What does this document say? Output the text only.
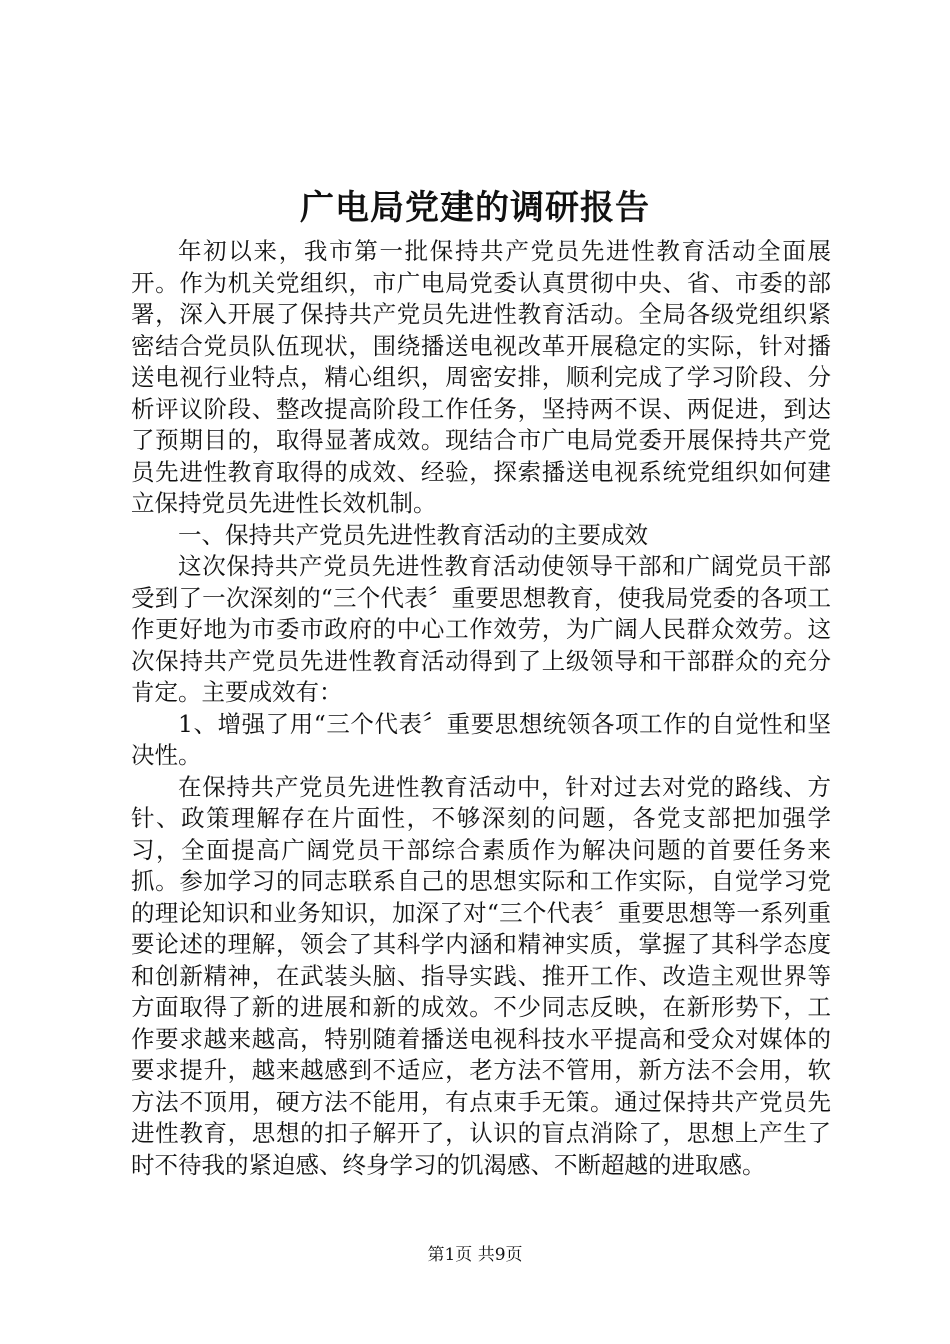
广电局党建的调研报告

年初以来，我市第一批保持共产党员先进性教育活动全面展开。作为机关党组织，市广电局党委认真贯彻中央、省、市委的部署，深入开展了保持共产党员先进性教育活动。全局各级党组织紧密结合党员队伍现状，围绕播送电视改革开展稳定的实际，针对播送电视行业特点，精心组织，周密安排，顺利完成了学习阶段、分析评议阶段、整改提高阶段工作任务，坚持两不误、两促进，到达了预期目的，取得显著成效。现结合市广电局党委开展保持共产党员先进性教育取得的成效、经验，探索播送电视系统党组织如何建立保持党员先进性长效机制。

一、保持共产党员先进性教育活动的主要成效

这次保持共产党员先进性教育活动使领导干部和广阔党员干部受到了一次深刻的“三个代表〞重要思想教育，使我局党委的各项工作更好地为市委市政府的中心工作效劳，为广阔人民群众效劳。这次保持共产党员先进性教育活动得到了上级领导和干部群众的充分肯定。主要成效有：

1、增强了用“三个代表〞重要思想统领各项工作的自觉性和坚决性。

在保持共产党员先进性教育活动中，针对过去对党的路线、方针、政策理解存在片面性，不够深刻的问题，各党支部把加强学习，全面提高广阔党员干部综合素质作为解决问题的首要任务来抓。参加学习的同志联系自己的思想实际和工作实际，自觉学习党的理论知识和业务知识，加深了对“三个代表〞重要思想等一系列重要论述的理解，领会了其科学内涵和精神实质，掌握了其科学态度和创新精神，在武装头脑、指导实践、推开工作、改造主观世界等方面取得了新的进展和新的成效。不少同志反映，在新形势下，工作要求越来越高，特别随着播送电视科技水平提高和受众对媒体的要求提升，越来越感到不适应，老方法不管用，新方法不会用，软方法不顶用，硬方法不能用，有点束手无策。通过保持共产党员先进性教育，思想的扣子解开了，认识的盲点消除了，思想上产生了时不待我的紧迫感、终身学习的饥渴感、不断超越的进取感。

第1页 共9页
